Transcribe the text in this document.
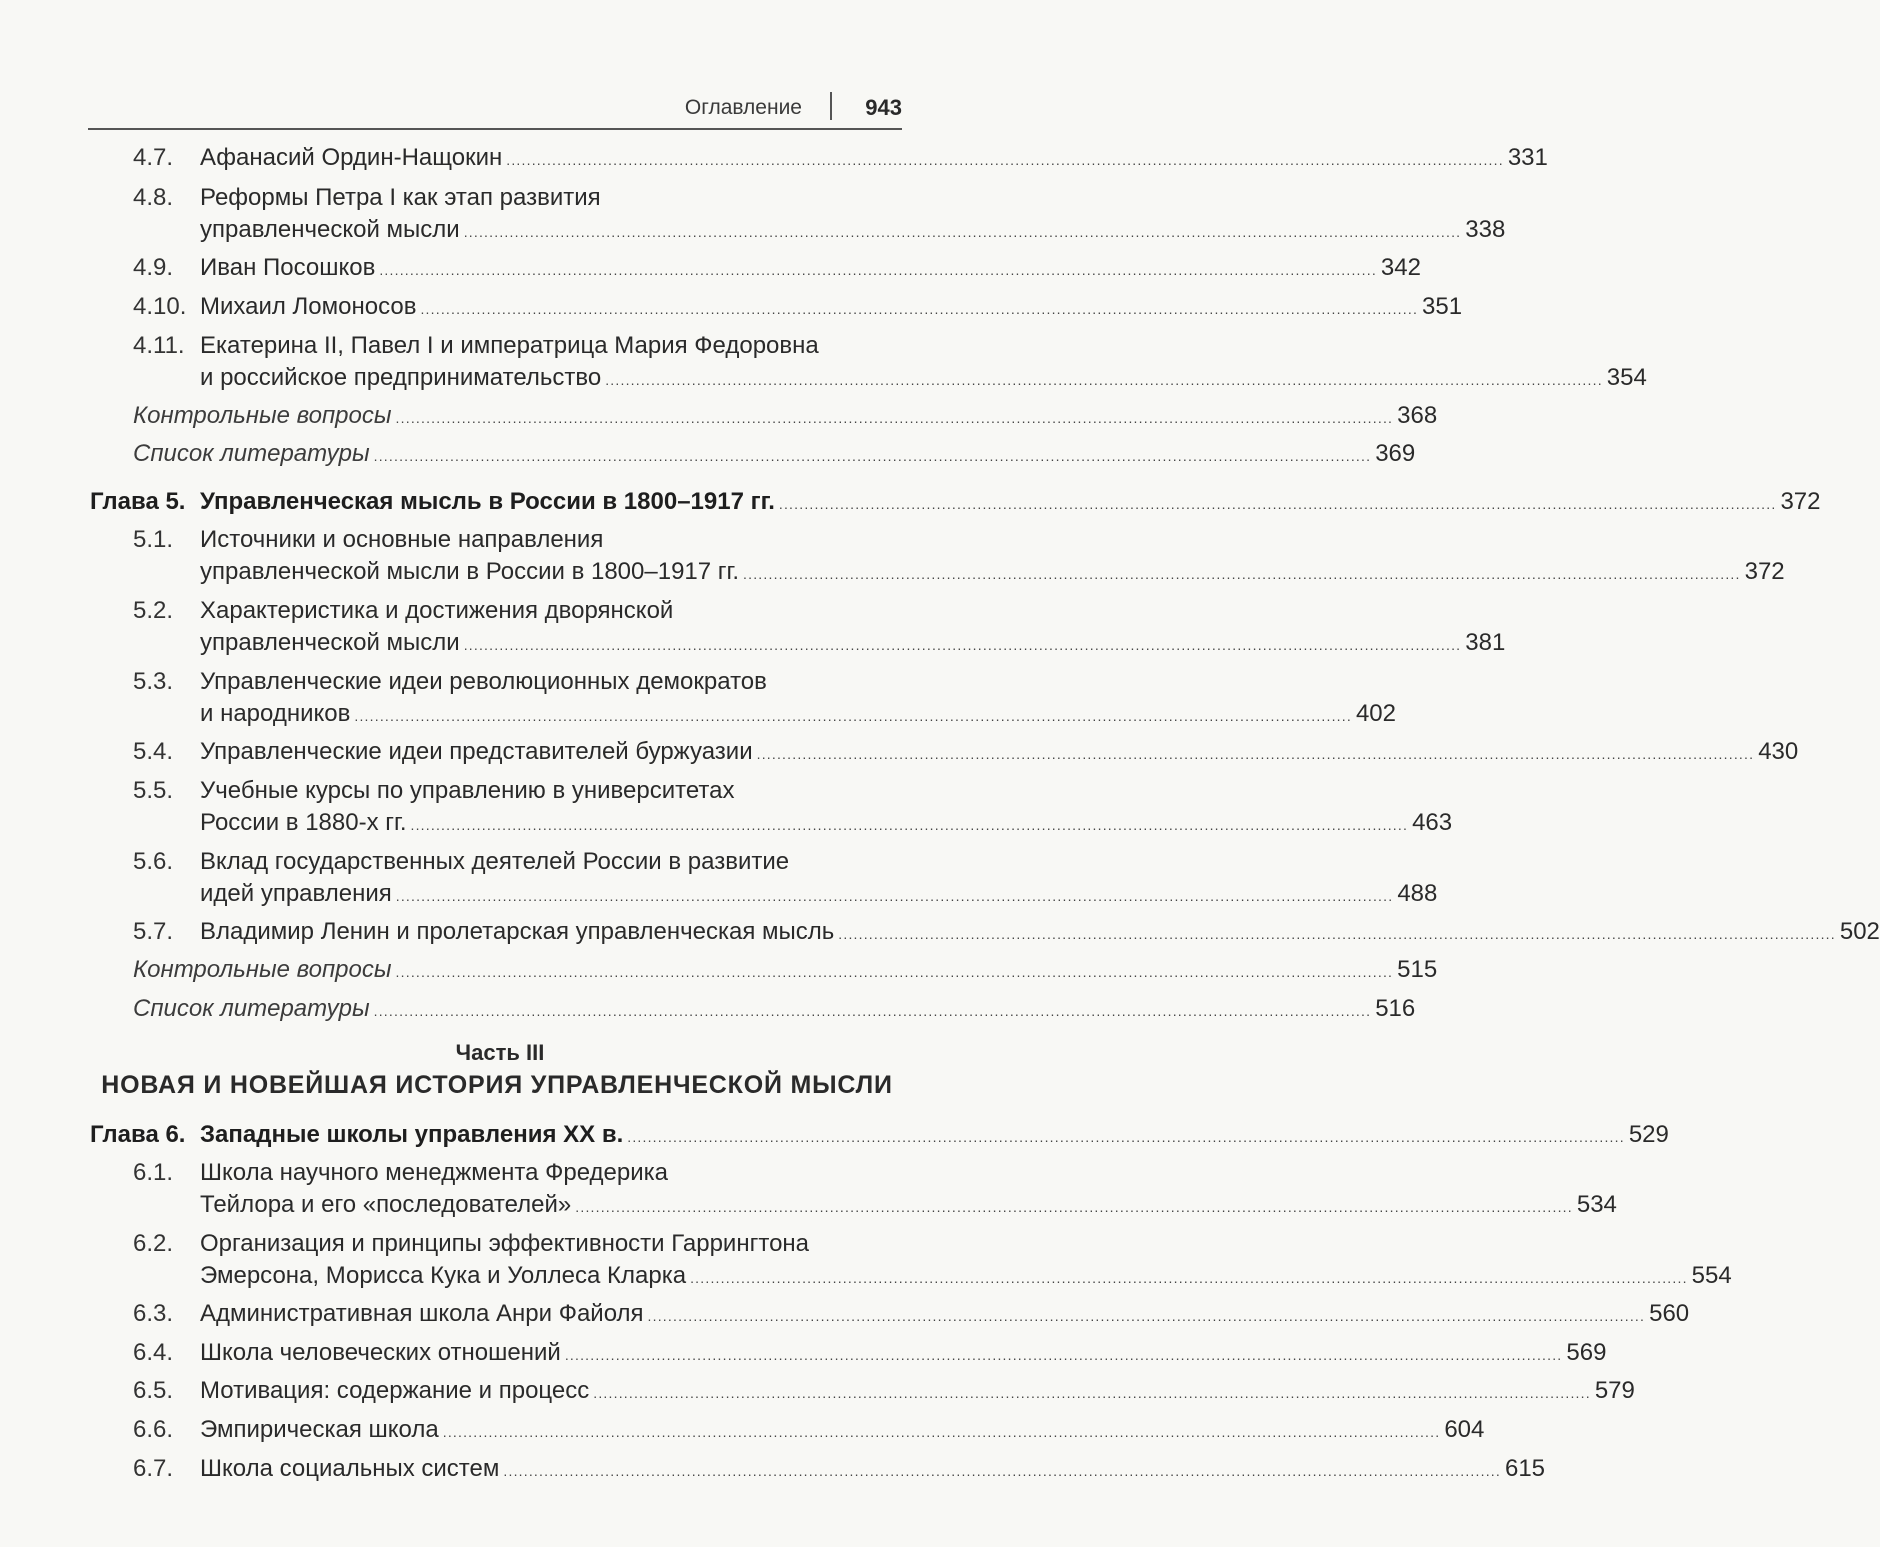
Оглавление	943
4.7. Афанасий Ордин-Нащокин .................................................................................................................................................................................................... 331
4.8. Реформы Петра I как этап развития
управленческой мысли .................................................................................................................................................................................................... 338
4.9. Иван Посошков .................................................................................................................................................................................................... 342
4.10. Михаил Ломоносов .................................................................................................................................................................................................... 351
4.11. Екатерина II, Павел I и императрица Мария Федоровна
и российское предпринимательство .................................................................................................................................................................................................... 354
Контрольные вопросы .................................................................................................................................................................................................... 368
Список литературы .................................................................................................................................................................................................... 369
Глава 5. Управленческая мысль в России в 1800–1917 гг. .................................................................................................................................................................................................... 372
5.1. Источники и основные направления
управленческой мысли в России в 1800–1917 гг. .................................................................................................................................................................................................... 372
5.2. Характеристика и достижения дворянской
управленческой мысли .................................................................................................................................................................................................... 381
5.3. Управленческие идеи революционных демократов
и народников .................................................................................................................................................................................................... 402
5.4. Управленческие идеи представителей буржуазии .................................................................................................................................................................................................... 430
5.5. Учебные курсы по управлению в университетах
России в 1880-х гг. .................................................................................................................................................................................................... 463
5.6. Вклад государственных деятелей России в развитие
идей управления .................................................................................................................................................................................................... 488
5.7. Владимир Ленин и пролетарская управленческая мысль .................................................................................................................................................................................................... 502
Контрольные вопросы .................................................................................................................................................................................................... 515
Список литературы .................................................................................................................................................................................................... 516
Часть III
НОВАЯ И НОВЕЙШАЯ ИСТОРИЯ УПРАВЛЕНЧЕСКОЙ МЫСЛИ
Глава 6. Западные школы управления XX в. .................................................................................................................................................................................................... 529
6.1. Школа научного менеджмента Фредерика
Тейлора и его «последователей» .................................................................................................................................................................................................... 534
6.2. Организация и принципы эффективности Гаррингтона
Эмерсона, Морисса Кука и Уоллеса Кларка .................................................................................................................................................................................................... 554
6.3. Административная школа Анри Файоля .................................................................................................................................................................................................... 560
6.4. Школа человеческих отношений .................................................................................................................................................................................................... 569
6.5. Мотивация: содержание и процесс .................................................................................................................................................................................................... 579
6.6. Эмпирическая школа .................................................................................................................................................................................................... 604
6.7. Школа социальных систем .................................................................................................................................................................................................... 615
